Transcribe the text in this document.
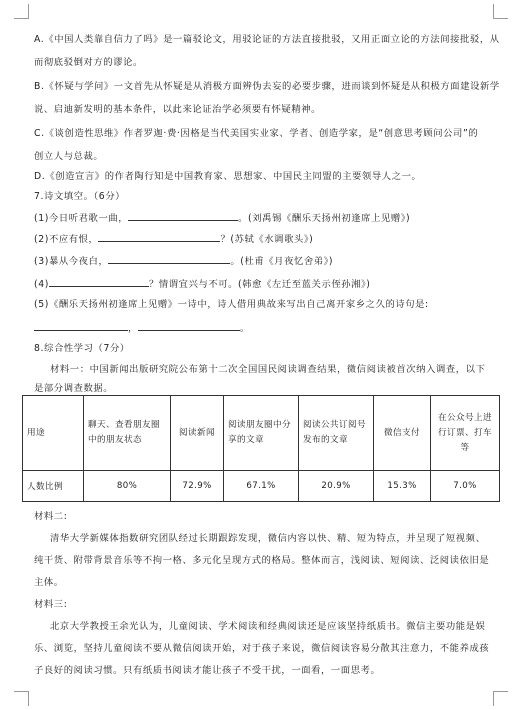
A.《中国人类靠自信力了吗》是一篇驳论文，用驳论证的方法直接批驳，又用正面立论的方法间接批驳，从
而彻底驳倒对方的谬论。
B.《怀疑与学问》一文首先从怀疑是从消极方面辨伪去妄的必要步骤，进而谈到怀疑是从积极方面建设新学
说、启迪新发明的基本条件，以此来论证治学必须要有怀疑精神。
C.《谈创造性思维》作者罗迦·费·因格是当代美国实业家、学者、创造学家，是“创意思考顾问公司”的
创立人与总裁。
D.《创造宣言》的作者陶行知是中国教育家、思想家、中国民主同盟的主要领导人之一。
7.诗文填空。（6分）
(1)今日听君歌一曲，	。(刘禹锡《酬乐天扬州初逢席上见赠》)
(2)不应有恨，	？(苏轼《水调歌头》)
(3)暴从今夜白，	。(杜甫《月夜忆舍弟》)
(4)	？情谓宜兴与不可。(韩愈《左迁至蓝关示侄孙湘》)
(5)《酬乐天扬州初逢席上见赠》一诗中，诗人借用典故来写出自己离开家乡之久的诗句是:
，	。
8.综合性学习（7分）
材料一：中国新闻出版研究院公布第十二次全国国民阅读调查结果，微信阅读被首次纳入调查，以下
是部分调查数据。
用途	聊天、查看朋友圈中的朋友状态	阅读新闻	阅读朋友圈中分享的文章	阅读公共订阅号发布的文章	微信支付	在公众号上进行订票、打车等
人数比例	80%	72.9%	67.1%	20.9%	15.3%	7.0%
材料二:
清华大学新媒体指数研究团队经过长期跟踪发现，微信内容以快、精、短为特点，并呈现了短视频、
纯干货、附带背景音乐等不拘一格、多元化呈现方式的格局。整体而言，浅阅读、短阅读、泛阅读依旧是
主体。
材料三:
北京大学教授王余光认为，儿童阅读、学术阅读和经典阅读还是应该坚持纸质书。微信主要功能是娱
乐、浏览，坚持儿童阅读不要从微信阅读开始，对于孩子来说，微信阅读容易分散其注意力，不能养成孩
子良好的阅读习惯。只有纸质书阅读才能让孩子不受干扰，一面看，一面思考。
